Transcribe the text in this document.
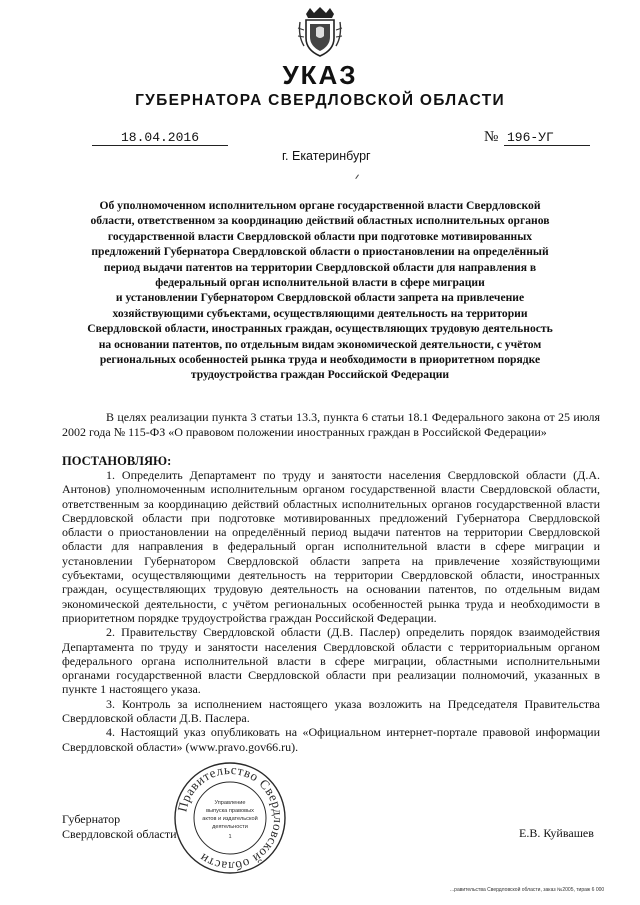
УКАЗ
ГУБЕРНАТОРА СВЕРДЛОВСКОЙ ОБЛАСТИ
18.04.2016	№ 196-УГ
г. Екатеринбург

Об уполномоченном исполнительном органе государственной власти Свердловской
области, ответственном за координацию действий областных исполнительных органов
государственной власти Свердловской области при подготовке мотивированных
предложений Губернатора Свердловской области о приостановлении на определённый
период выдачи патентов на территории Свердловской области для направления в
федеральный орган исполнительной власти в сфере миграции
и установлении Губернатором Свердловской области запрета на привлечение
хозяйствующими субъектами, осуществляющими деятельность на территории
Свердловской области, иностранных граждан, осуществляющих трудовую деятельность
на основании патентов, по отдельным видам экономической деятельности, с учётом
региональных особенностей рынка труда и необходимости в приоритетном порядке
трудоустройства граждан Российской Федерации

В целях реализации пункта 3 статьи 13.3, пункта 6 статьи 18.1 Федерального закона от 25 июля 2002 года № 115-ФЗ «О правовом положении иностранных граждан в Российской Федерации»

ПОСТАНОВЛЯЮ:

1. Определить Департамент по труду и занятости населения Свердловской области (Д.А. Антонов) уполномоченным исполнительным органом государственной власти Свердловской области, ответственным за координацию действий областных исполнительных органов государственной власти Свердловской области при подготовке мотивированных предложений Губернатора Свердловской области о приостановлении на определённый период выдачи патентов на территории Свердловской области для направления в федеральный орган исполнительной власти в сфере миграции и установлении Губернатором Свердловской области запрета на привлечение хозяйствующими субъектами, осуществляющими деятельность на территории Свердловской области, иностранных граждан, осуществляющих трудовую деятельность на основании патентов, по отдельным видам экономической деятельности, с учётом региональных особенностей рынка труда и необходимости в приоритетном порядке трудоустройства граждан Российской Федерации.

2. Правительству Свердловской области (Д.В. Паслер) определить порядок взаимодействия Департамента по труду и занятости населения Свердловской области с территориальным органом федерального органа исполнительной власти в сфере миграции, областными исполнительными органами государственной власти Свердловской области при реализации полномочий, указанных в пункте 1 настоящего указа.

3. Контроль за исполнением настоящего указа возложить на Председателя Правительства Свердловской области Д.В. Паслера.

4. Настоящий указ опубликовать на «Официальном интернет-портале правовой информации Свердловской области» (www.pravo.gov66.ru).

Губернатор
Свердловской области	Е.В. Куйвашев
Правительство Свердловской области
Управление
выпуска правовых
актов и издательской
деятельности
1
...равительства Свердловской области, заказ №2005, тираж 6 000
